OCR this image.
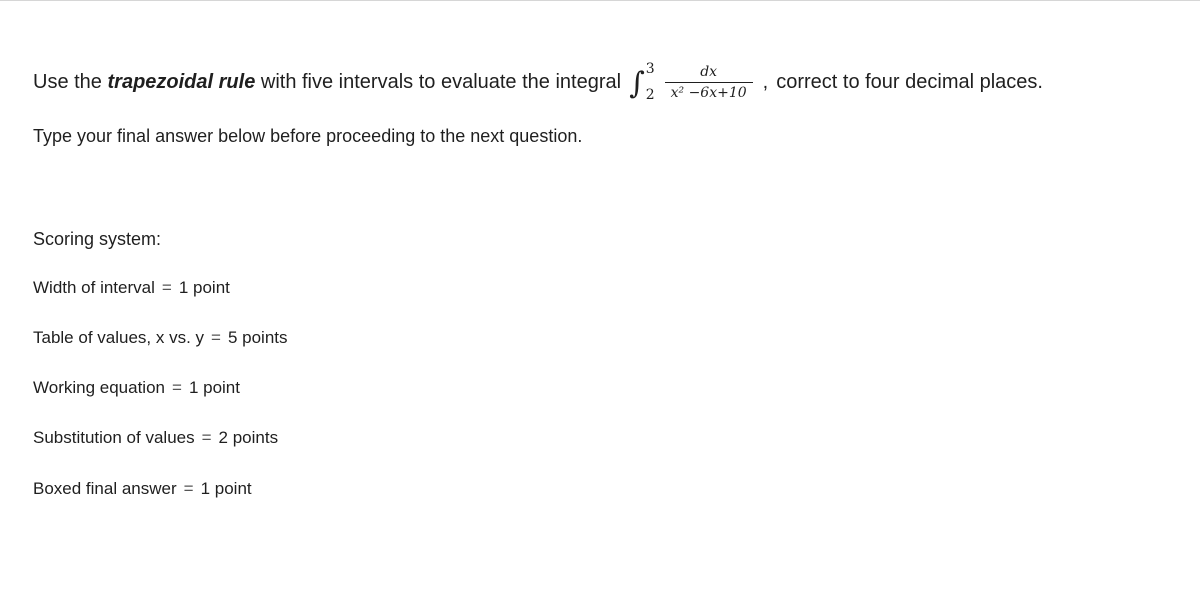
Use the
trapezoidal rule
with five intervals to evaluate the integral ∫ 3
$2 \frac{dx}{\text{x² −6x+10}}$ , correct to four decimal places.
Type your final answer below before proceeding to the next question.
Scoring system:
Width of interval = 1 point
Table of values, x vs. y = 5 points
Working equation = 1 point
Substitution of values = 2 points
Boxed final answer = 1 point
